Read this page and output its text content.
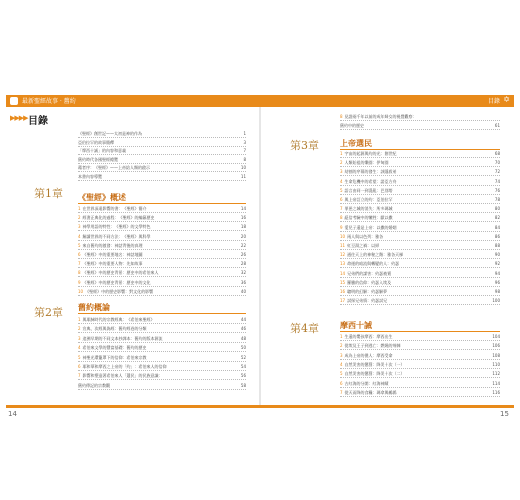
最新聖經故事 · 舊約	目錄 ✡
14	15
▶▶▶▶ 目錄
《聖經》創世記——太初是神的作為	1
亞伯拉罕的故事簡釋	3
「摩西十誡」的內容和意義	7
舊約時代各國聖經總覽	8
藉者序：《聖經》——上帝給人類的啟示	10
本書內容導覽	11
第1章 《聖經》概述
1 在世界深遠影響的書：《聖經》簡介	14
2 經書正典化的過程：《聖經》的編纂歷史	16
3 神學用語的特性：《聖經》的文學特色	18
4 解讀世界的不同方法：《聖經》與科學	20
5 來自舊約的啟發：神話背後的真理	22
6 《聖經》中的重要地名：神話地圖	26
7 《聖經》中的重要人物：先知故事	28
8 《聖經》中的歷史背景：歷史中的希伯來人	32
9 《聖經》中的歷史背景：歷史中的文化	36
10 《聖經》中的歷史影響：對文化的影響	40
第2章 舊約概論
1 與耶穌時代的宗教經典：《希伯來聖經》	44
2 宣典、次經與偽經：舊約經卷的分類	46
3 追溯早期的不同文本抄譯本：舊約的版本源流	48
4 希伯來文學的豐富基礎：舊約的歷史	50
5 神聖光環籠罩下的信仰：希伯來宗教	52
6 耶和華和摩西之上帝的「約」：希伯來人的信仰	54
7 影響和塑造著希伯來人「選民」的民族意識：	56
舊約傳記的宗教觀	58
8 見證兩千年以前的成年婦女的視覺觀察：
舊約中的歷史	61
第3章	上帝選民
1 宇宙的起源與約的光：創世紀	68
2 人類始祖的樂園：伊甸園	70
3 劫割的序幕的發生：該隱殺弟	72
4 生命危機中的希望：諾亞方舟	74
5 語言由同一到混亂：巴別塔	76
6 與上帝訂立的約：亞伯拉罕	78
7 罪惡之城的消失：所多瑪城	80
8 絕信考驗中的犧牲：獻以撒	82
9 愛兒子還是上帝：以撒的婚姻	84
10 兩人與以色列：雅各	86
11 紅豆湯之禍：以掃	88
12 通往天上的神秘之階：雅各天梯	90
13 命運的暗流與轉變的人：約瑟	92
14 兄弟們的謀害：約瑟被賣	94
15 羅騰的信仰：約瑟入埃及	96
16 聰明的幻解：約瑟解夢	98
17 試探兄弟情：約瑟試兄	100
第4章	摩西十誡
1 生還的嬰孩摩西：摩西出生	104
2 從埃及王子到逃亡：燃燒的荊棘	106
3 成為上帝的僕人：摩西受命	108
4 自然災害的懲罰：降災十次（一）	110
5 自然災害的懲罰：降災十次（二）	112
6 古紅海的分開：紅海神蹟	114
7 從天而降的食糧：瑪拿與鵪鶉	116
